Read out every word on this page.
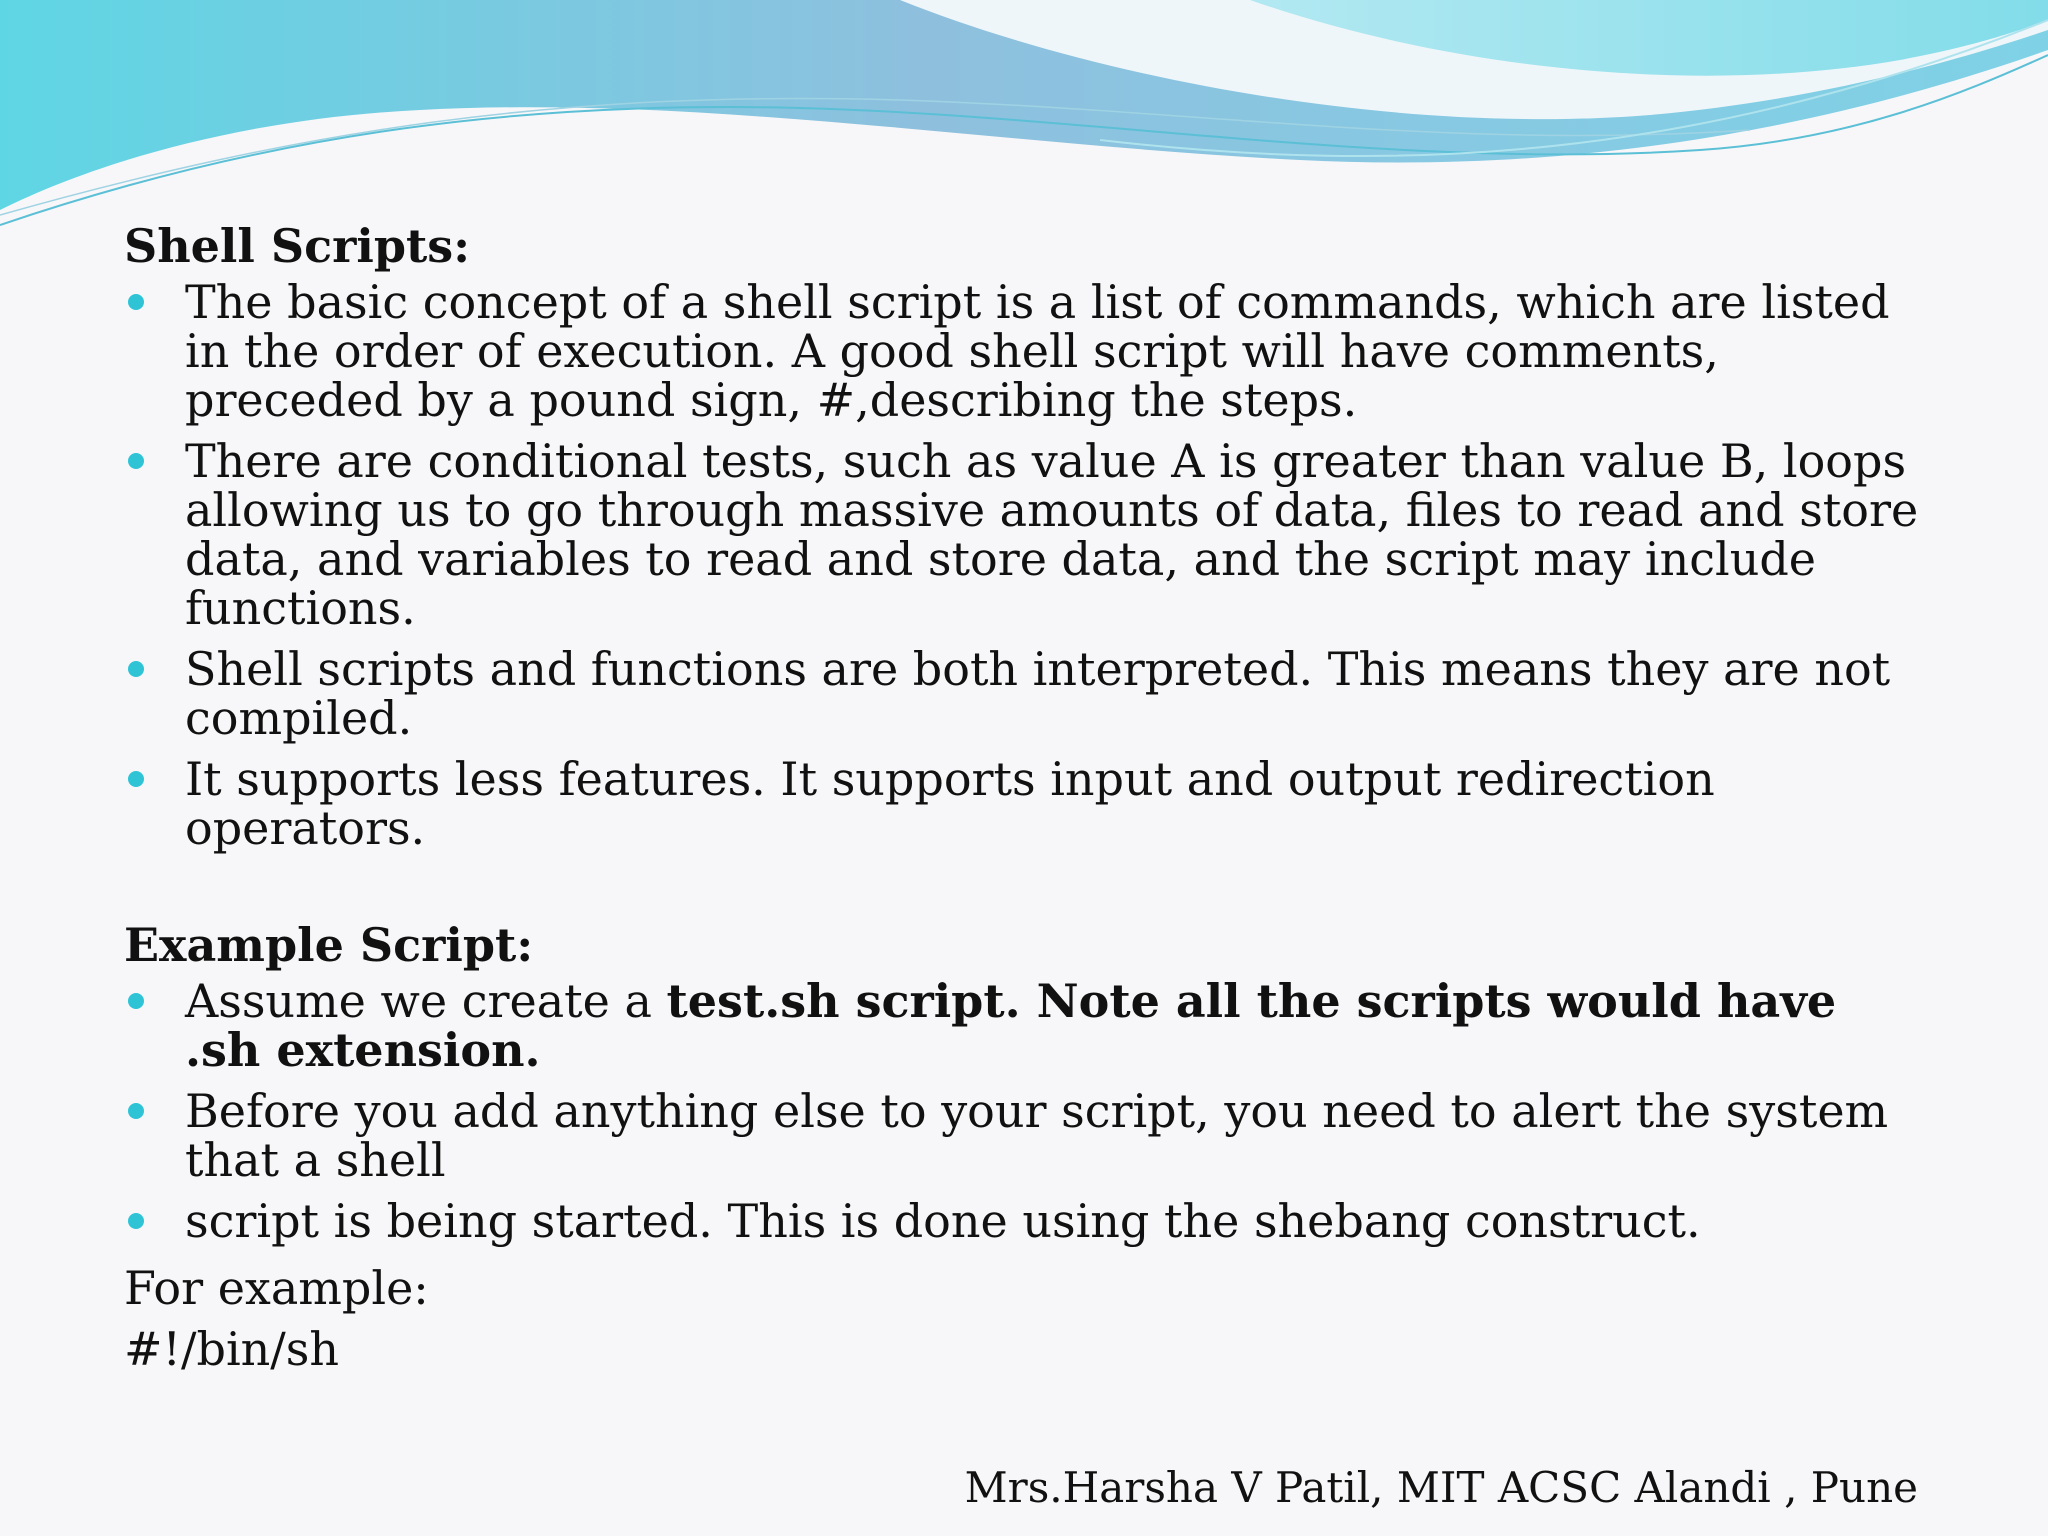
Shell Scripts:
The basic concept of a shell script is a list of commands, which are listed in the order of execution. A good shell script will have comments, preceded by a pound sign, #,describing the steps.
There are conditional tests, such as value A is greater than value B, loops allowing us to go through massive amounts of data, files to read and store data, and variables to read and store data, and the script may include functions.
Shell scripts and functions are both interpreted. This means they are not compiled.
It supports less features. It supports input and output redirection operators.
Example Script:
Assume we create a test.sh script. Note all the scripts would have .sh extension.
Before you add anything else to your script, you need to alert the system that a shell
script is being started. This is done using the shebang construct.
For example:
#!/bin/sh
Mrs.Harsha V Patil, MIT ACSC Alandi , Pune
